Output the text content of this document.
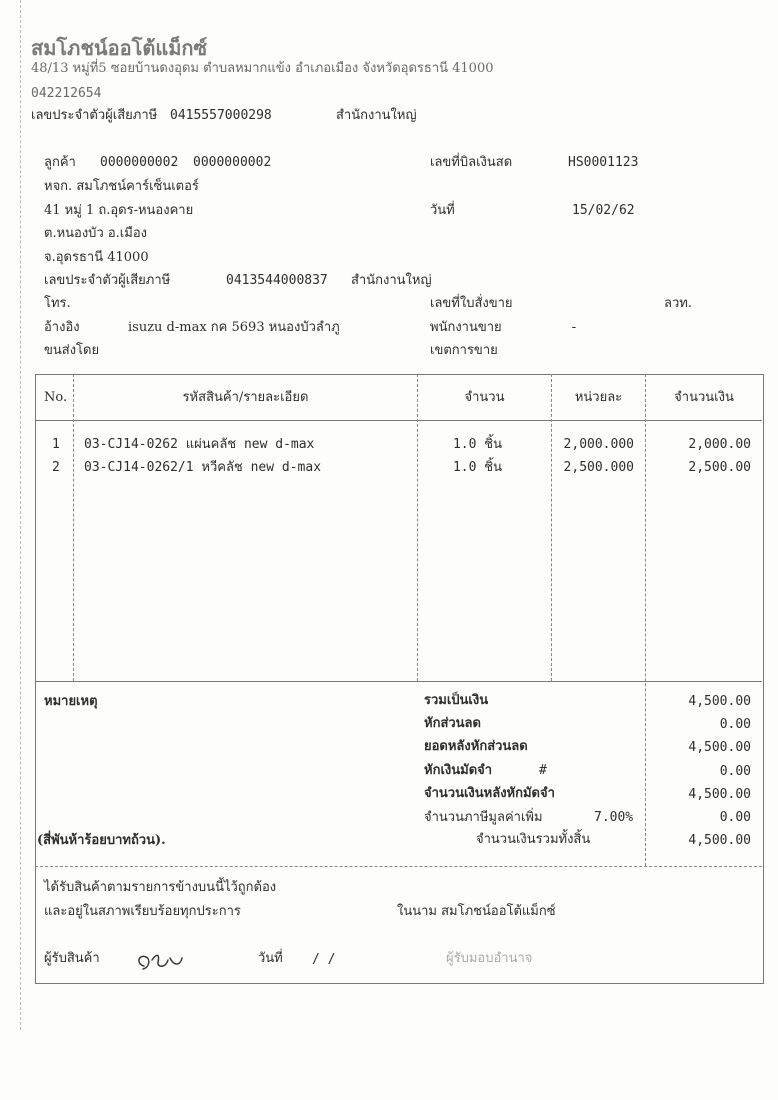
สมโภชน์ออโต้แม็กซ์
48/13 หมู่ที่5 ซอยบ้านดงอุดม ตำบลหมากแข้ง อำเภอเมือง จังหวัดอุดรธานี 41000
042212654
เลขประจำตัวผู้เสียภาษี 0415557000298	สำนักงานใหญ่
ลูกค้า 0000000002 0000000002
หจก. สมโภชน์คาร์เซ็นเตอร์
41 หมู่ 1 ถ.อุดร-หนองคาย
ต.หนองบัว อ.เมือง
จ.อุดรธานี 41000
เลขประจำตัวผู้เสียภาษี	0413544000837 สำนักงานใหญ่
โทร.
อ้างอิง	isuzu d-max กค 5693 หนองบัวลำภู
ขนส่งโดย
เลขที่บิลเงินสด	HS0001123
วันที่	15/02/62
เลขที่ใบสั่งขาย	ลวท.
พนักงานขาย	-
เขตการขาย
No.	รหัสสินค้า/รายละเอียด	จำนวน	หน่วยละ	จำนวนเงิน
1 03-CJ14-0262 แผ่นคลัช new d-max	1.0 ชิ้น	2,000.000	2,000.00
2 03-CJ14-0262/1 หวีคลัช new d-max	1.0 ชิ้น	2,500.000	2,500.00
หมายเหตุ	รวมเป็นเงิน	4,500.00
หักส่วนลด	0.00
ยอดหลังหักส่วนลด	4,500.00
หักเงินมัดจำ	#	0.00
จำนวนเงินหลังหักมัดจำ	4,500.00
จำนวนภาษีมูลค่าเพิ่ม	7.00%	0.00
(สี่พันห้าร้อยบาทถ้วน).	จำนวนเงินรวมทั้งสิ้น	4,500.00
ได้รับสินค้าตามรายการข้างบนนี้ไว้ถูกต้อง
และอยู่ในสภาพเรียบร้อยทุกประการ	ในนาม สมโภชน์ออโต้แม็กซ์
ผู้รับสินค้า	วันที่ / /	ผู้รับมอบอำนาจ
